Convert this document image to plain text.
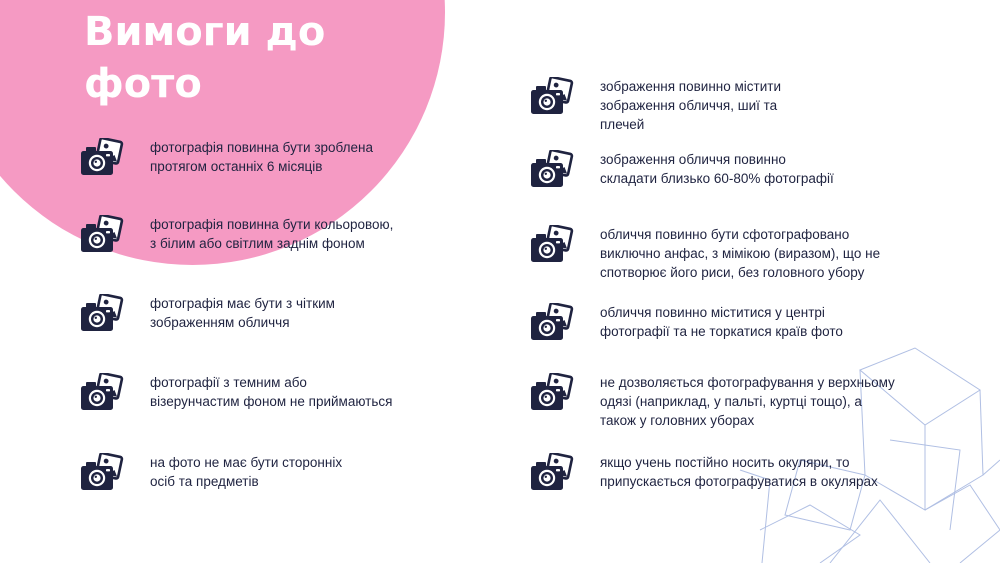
Вимоги до
фото
фотографія повинна бути зроблена
протягом останніх 6 місяців
фотографія повинна бути кольоровою,
з білим або світлим заднім фоном
фотографія має бути з чітким
зображенням обличчя
фотографії з темним або
візерунчастим фоном не приймаються
на фото не має бути сторонніх
осіб та предметів
зображення повинно містити
зображення обличчя, шиї та
плечей
зображення обличчя повинно
складати близько 60-80% фотографії
обличчя повинно бути сфотографовано
виключно анфас, з мімікою (виразом), що не
спотворює його риси, без головного убору
обличчя повинно міститися у центрі
фотографії та не торкатися країв фото
не дозволяється фотографування у верхньому
одязі (наприклад, у пальті, куртці тощо), а
також у головних уборах
якщо учень постійно носить окуляри, то
припускається фотографуватися в окулярах
